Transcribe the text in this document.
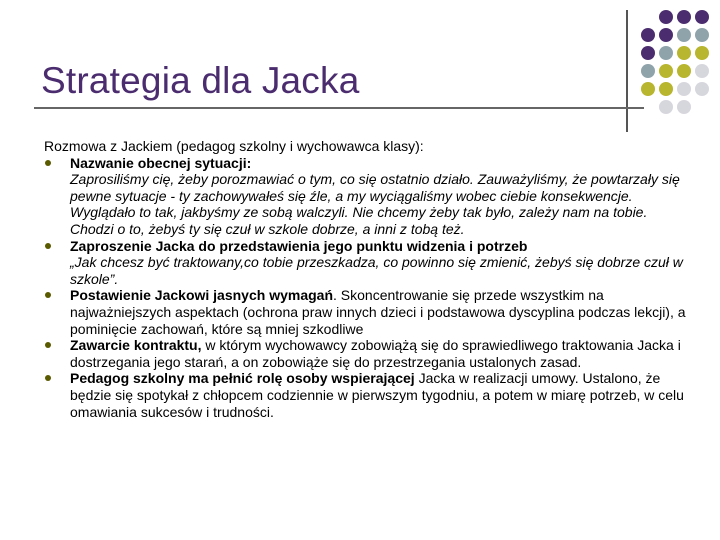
Strategia dla Jacka

Rozmowa z Jackiem (pedagog szkolny i wychowawca klasy):

Nazwanie obecnej sytuacji:
Zaprosiliśmy cię, żeby porozmawiać o tym, co się ostatnio działo. Zauważyliśmy, że powtarzały się pewne sytuacje - ty zachowywałeś się źle, a my wyciągaliśmy wobec ciebie konsekwencje. Wyglądało to tak, jakbyśmy ze sobą walczyli. Nie chcemy żeby tak było, zależy nam na tobie. Chodzi o to, żebyś ty się czuł w szkole dobrze, a inni z tobą też.
Zaproszenie Jacka do przedstawienia jego punktu widzenia i potrzeb
„Jak chcesz być traktowany,co tobie przeszkadza, co powinno się zmienić, żebyś się dobrze czuł w szkole”.
Postawienie Jackowi jasnych wymagań. Skoncentrowanie się przede wszystkim na najważniejszych aspektach (ochrona praw innych dzieci i podstawowa dyscyplina podczas lekcji), a pominięcie zachowań, które są mniej szkodliwe
Zawarcie kontraktu, w którym wychowawcy zobowiążą się do sprawiedliwego traktowania Jacka i dostrzegania jego starań, a on zobowiąże się do przestrzegania ustalonych zasad.
Pedagog szkolny ma pełnić rolę osoby wspierającej Jacka w realizacji umowy. Ustalono, że będzie się spotykał z chłopcem codziennie w pierwszym tygodniu, a potem w miarę potrzeb, w celu omawiania sukcesów i trudności.
